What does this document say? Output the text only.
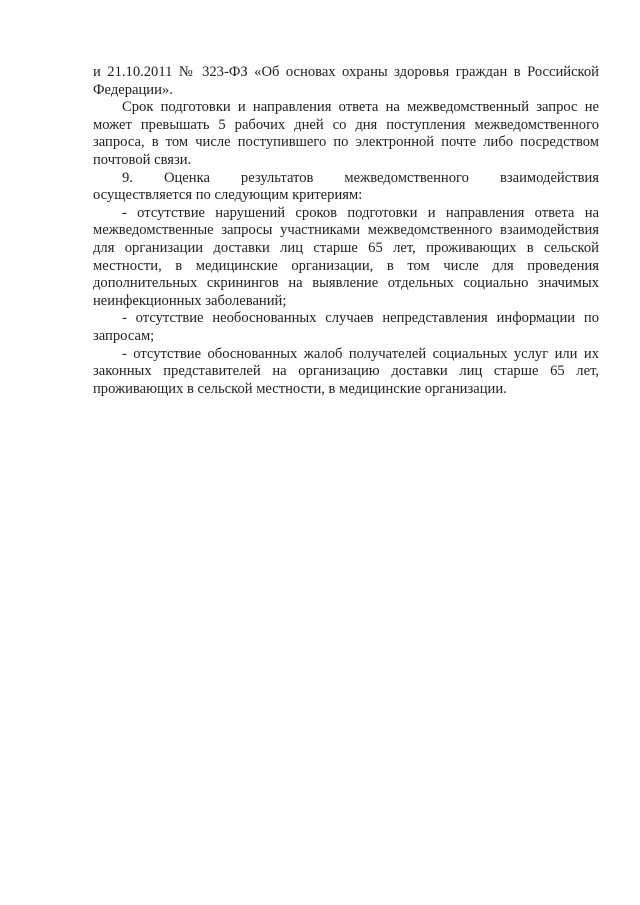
и 21.10.2011 № 323-ФЗ «Об основах охраны здоровья граждан в Российской Федерации».

Срок подготовки и направления ответа на межведомственный запрос не может превышать 5 рабочих дней со дня поступления межведомственного запроса, в том числе поступившего по электронной почте либо посредством почтовой связи.

9. Оценка результатов межведомственного взаимодействия

осуществляется по следующим критериям:

- отсутствие нарушений сроков подготовки и направления ответа на межведомственные запросы участниками межведомственного взаимодействия для организации доставки лиц старше 65 лет, проживающих в сельской местности, в медицинские организации, в том числе для проведения дополнительных скринингов на выявление отдельных социально значимых неинфекционных заболеваний;

- отсутствие необоснованных случаев непредставления информации по запросам;

- отсутствие обоснованных жалоб получателей социальных услуг или их законных представителей на организацию доставки лиц старше 65 лет, проживающих в сельской местности, в медицинские организации.
